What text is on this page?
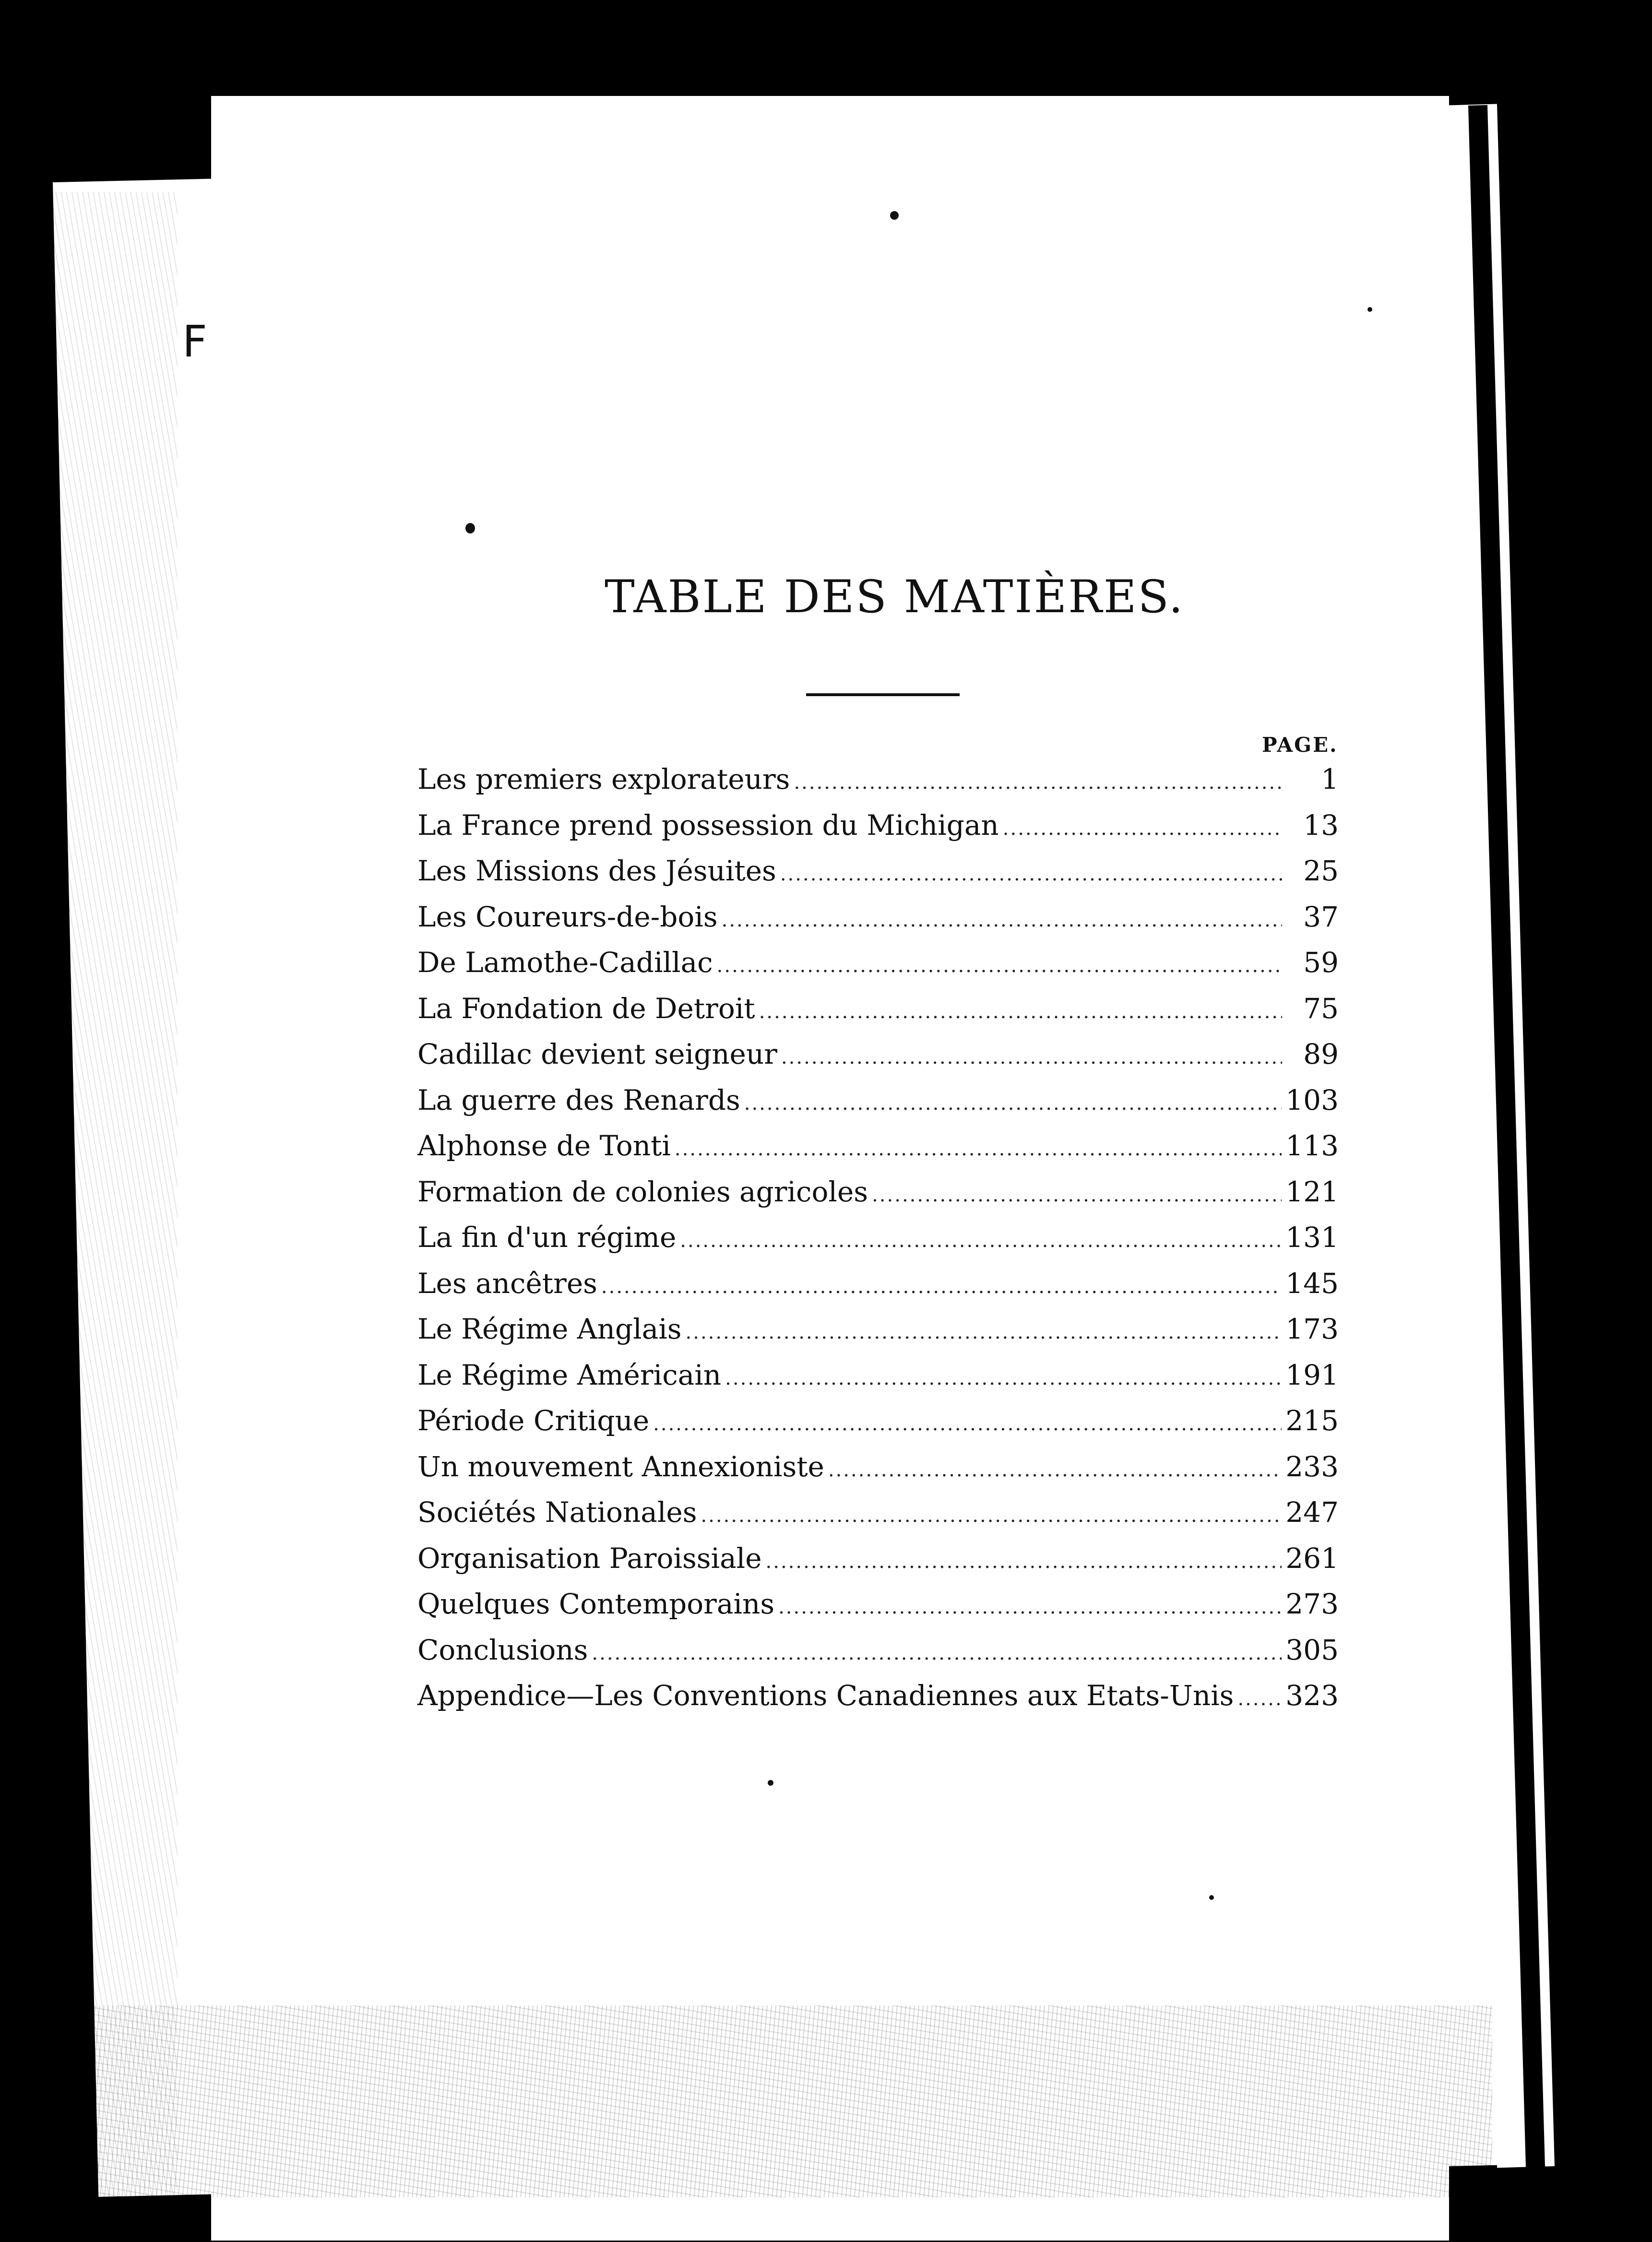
F
TABLE DES MATIÈRES.
PAGE.
Les premiers explorateurs .....	1
La France prend possession du Michigan .....	13
Les Missions des Jésuites .....	25
Les Coureurs-de-bois .....	37
De Lamothe-Cadillac .....	59
La Fondation de Detroit .....	75
Cadillac devient seigneur .....	89
La guerre des Renards .....	103
Alphonse de Tonti .....	113
Formation de colonies agricoles .....	121
La fin d'un régime .....	131
Les ancêtres .....	145
Le Régime Anglais .....	173
Le Régime Américain .....	191
Période Critique .....	215
Un mouvement Annexioniste .....	233
Sociétés Nationales .....	247
Organisation Paroissiale .....	261
Quelques Contemporains .....	273
Conclusions .....	305
Appendice—Les Conventions Canadiennes aux Etats-Unis ..... 323
